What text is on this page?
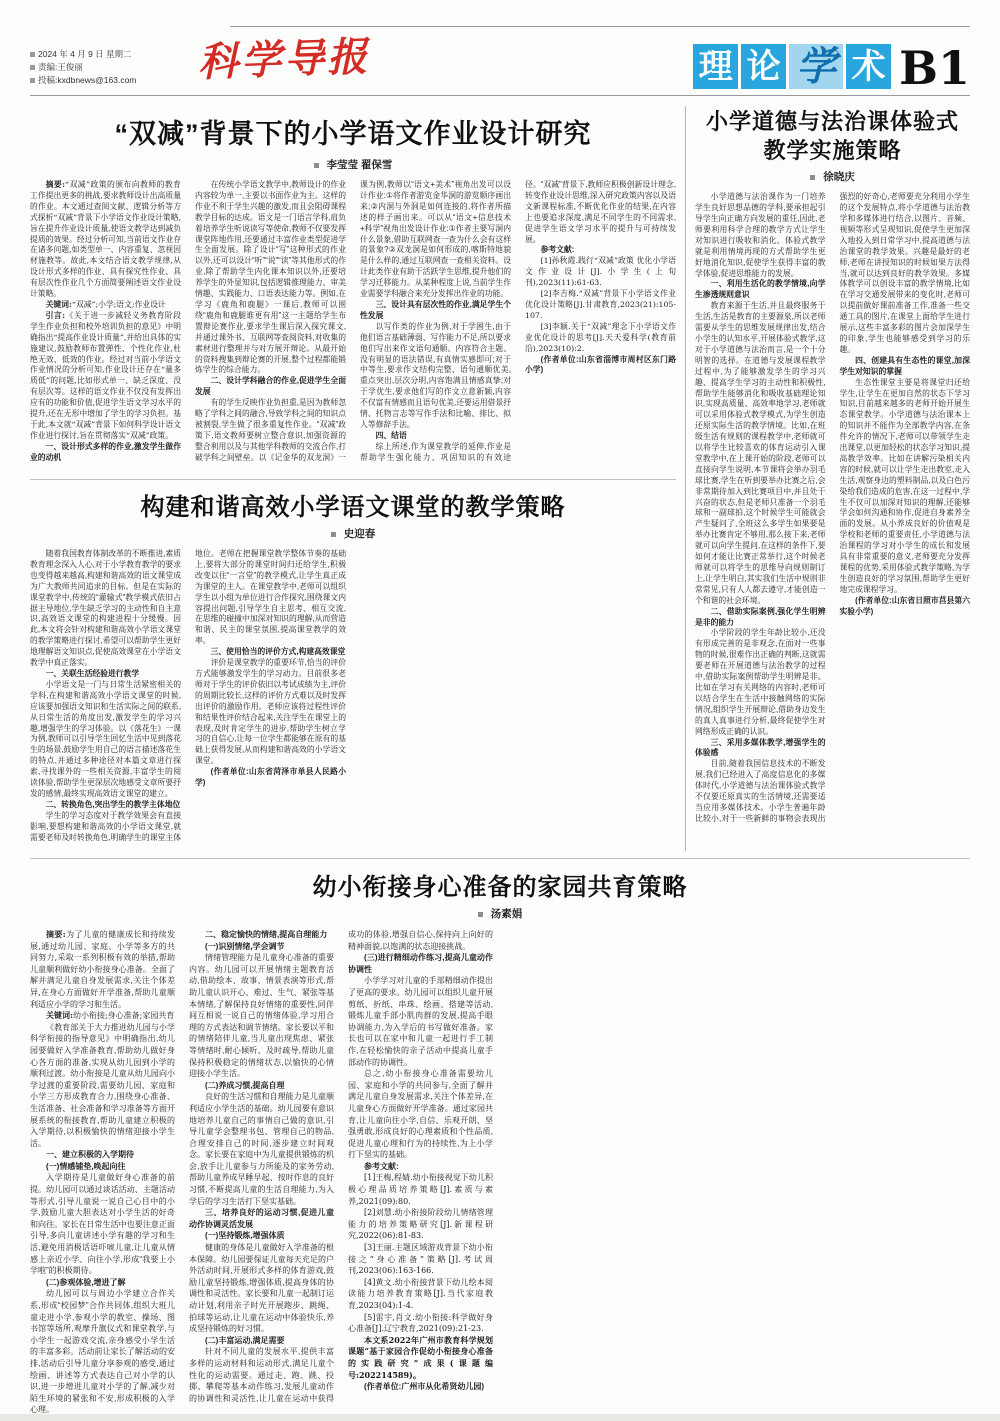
2024 年 4 月 9 日 星期二
责编:王俊丽
投稿:kxdbnews@163.com 科学导报	理 论 学 术 B1
“双减”背景下的小学语文作业设计研究
李莹莹 翟保雪

摘要:“双减”政策的颁布向教师的教育工作提出更多的挑战,要求教师设计出高质量的作业。本文通过查阅文献、逻辑分析等方式探析“双减”背景下小学语文作业设计策略,旨在提升作业设计质量,使语文教学达到减负提质的效果。经过分析可知,当前语文作业存在诸多问题,如类型单一、内容重复、忽视因材施教等。故此,本文结合语文教学规律,从设计形式多样的作业、具有探究性作业、具有层次性作业几个方面简要阐述语文作业设计策略。

关键词:“双减”;小学;语文;作业设计

引言:《关于进一步减轻义务教育阶段学生作业负担和校外培训负担的意见》中明确指出“提高作业设计质量”,并给出具体的实施建议,鼓励教师布置弹性、个性化作业,杜绝无效、低效的作业。经过对当前小学语文作业情况的分析可知,作业设计还存在“量多质低”的问题,比如形式单一、缺乏深度、没有层次等。这样的语文作业不仅没有发挥出应有的功能和价值,促进学生语文学习水平的提升,还在无形中增加了学生的学习负担。基于此,本文就“双减”背景下如何科学设计语文作业进行探讨,旨在贯彻落实“双减”政策。

一、设计形式多样的作业,激发学生做作业的动机

在传统小学语文教学中,教师设计的作业内容较为单一,主要以书面作业为主。这样的作业不利于学生兴趣的激发,而且会阻碍课程教学目标的达成。语文是一门语言学科,肩负着培养学生听说读写等使命,教师不仅要发挥课堂阵地作用,还要通过丰富作业类型促进学生全面发展。除了设计“写”这种形式的作业以外,还可以设计“听”“说”“读”等其他形式的作业,除了帮助学生内化课本知识以外,还要培养学生的外显知识,包括逻辑推理能力、审美情趣、实践能力、口语表达能力等。例如,在学习《鹿角和鹿腿》一课后,教师可以围绕“鹿角和鹿腿谁更有用”这一主题给学生布置辩论赛作业,要求学生课后深入探究课文,并通过课外书、互联网等查阅资料,对收集的素材进行整理并与对方展开辩论。从最开始的资料搜集到辩论赛的开展,整个过程都能锻炼学生的综合能力。

二、设计学科融合的作业,促进学生全面发展

有的学生反映作业负担重,是因为教师忽略了学科之间的融合,导致学科之间的知识点被割裂,学生做了很多重复性作业。“双减”政策下,语文教师要树立整合意识,加强资源的整合利用以及与其他学科教师的交流合作,打破学科之间壁垒。以《记金华的双龙洞》一课为例,教师以“语文+美术”视角出发可以设计作业:①将作者游览金华洞的游览顺序画出来;②内洞与外洞是如何连接的,将作者所描述的样子画出来。可以从“语文+信息技术+科学”视角出发设计作业:①作者主要写洞内什么景象,借助互联网查一查为什么会有这样的景象?②双龙洞是如何形成的,喀斯特地貌是什么样的,通过互联网查一查相关资料。设计此类作业有助于活跃学生思维,提升他们的学习迁移能力。从某种程度上说,当前学生作业需要学科融合来充分发挥出作业的功能。

三、设计具有层次性的作业,满足学生个性发展

以写作类的作业为例,对于学困生,由于他们语言基础薄弱、写作能力不足,所以要求他们写出来作文语句通顺、内容符合主题、没有明显的语法错误,有真情实感即可;对于中等生,要求作文结构完整、语句通顺优美,重点突出,层次分明,内容饱满且情感真挚;对于学优生,要求他们写的作文立意新颖,内容不仅富有情感而且语句优美,还要运用借景抒情、托物言志等写作手法和比喻、排比、拟人等修辞手法。

四、结语

综上所述,作为课堂教学的延伸,作业是帮助学生强化能力、巩固知识的有效途径。“双减”背景下,教师应积极创新设计理念,转变作业设计思维,深入研究政策内容以及语文新课程标准,不断优化作业的结果,在内容上也要追求深度,满足不同学生的不同需求,促进学生语文学习水平的提升与可持续发展。

参考文献:

[1]孙秋霞.践行“双减”政策 优化小学语文作业设计[J].小学生(上旬刊),2023(11):61-63.

[2]李吉梅.“双减”背景下小学语文作业优化设计策略[J].甘肃教育,2023(21):105-107.

[3]李颖.关于“双减”理念下小学语文作业优化设计的思考[J].天天爱科学(教育前沿),2023(10):2.

(作者单位:山东省淄博市周村区东门路小学)

构建和谐高效小学语文课堂的教学策略
史迎春

随着我国教育体制改革的不断推进,素质教育理念深入人心,对于小学教育教学的要求也变得越来越高,构建和谐高效的语文课堂成为广大教师共同追求的目标。但是在实际的课堂教学中,传统的“灌输式”教学模式依旧占据主导地位,学生缺乏学习的主动性和自主意识,高效语文课堂的构建进程十分缓慢。因此,本文将会针对构建和谐高效小学语文课堂的教学策略进行探讨,希望可以帮助学生更好地理解语文知识点,促使高效课堂在小学语文教学中真正落实。

一、关联生活经验进行教学

小学语文是一门与日常生活紧密相关的学科,在构建和谐高效小学语文课堂的时候,应该要加强语文知识和生活实际之间的联系,从日常生活的角度出发,激发学生的学习兴趣,增强学生的学习体验。以《落花生》一课为例,教师可以引导学生回忆生活中见到落花生的场景,鼓励学生用自己的语言描述落花生的特点,并通过多种途径对本篇文章进行探索,寻找课外的一些相关资源,丰富学生的阅读体验,帮助学生更深层次地感受文章所要抒发的感情,最终实现高效语文课堂的建立。

二、转换角色,突出学生的教学主体地位

学生的学习态度对于教学效果会有直接影响,要想构建和谐高效的小学语文课堂,就需要老师及时转换角色,明确学生的课堂主体地位。老师在把握课堂教学整体节奏的基础上,要将大部分的课堂时间归还给学生,积极改变以往“一言堂”的教学模式,让学生真正成为课堂的主人。在课堂教学中,老师可以组织学生以小组为单位进行合作探究,围绕课文内容提出问题,引导学生自主思考、相互交流,在思维的碰撞中加深对知识的理解,从而营造和谐、民主的课堂氛围,提高课堂教学的效率。

三、使用恰当的评价方式,构建高效课堂

评价是课堂教学的重要环节,恰当的评价方式能够激发学生的学习动力。目前很多老师对于学生的评价依旧以考试成绩为主,评价的周期比较长,这样的评价方式难以及时发挥出评价的激励作用。老师应该将过程性评价和结果性评价结合起来,关注学生在课堂上的表现,及时肯定学生的进步,帮助学生树立学习的自信心,让每一位学生都能够在原有的基础上获得发展,从而构建和谐高效的小学语文课堂。

(作者单位:山东省菏泽市单县人民路小学)

小学道德与法治课体验式
教学实施策略
徐晓庆

小学道德与法治课作为一门培养学生良好思想品德的学科,要承担起引导学生向正确方向发展的重任,因此,老师要利用科学合理的教学方式让学生对知识进行吸收和消化。体验式教学就是利用情境再现的方式帮助学生更好地消化知识,促使学生获得丰富的教学体验,促进思维能力的发展。

一、利用生活化的教学情境,向学生渗透规则意识

教育来源于生活,并且最终服务于生活,生活是教育的主要源泉,所以老师需要从学生的思维发展规律出发,结合小学生的认知水平,开展体验式教学,这对于小学道德与法治而言,是一个十分明智的选择。在道德与发展课程教学过程中,为了能够激发学生的学习兴趣、提高学生学习的主动性和积极性,帮助学生能够消化和吸收基础理论知识,实现高质量、高效率地学习,老师就可以采用体验式教学模式,为学生创造还原实际生活的教学情境。比如,在班级生活有规则的课程教学中,老师就可以将学生比较喜欢的体育运动引入课堂教学中,在上课开始的阶段,老师可以直接向学生说明,本节课将会举办羽毛球比赛,学生在听到要举办比赛之后,会非常期待加入到比赛项目中,并且处于兴奋的状态,但是老师只准备一个羽毛球和一副球拍,这个时候学生可能就会产生疑问了,全班这么多学生如果要是举办比赛肯定不够用,那么接下来,老师就可以向学生提问,在这样的条件下,要如何才能让比赛正常举行,这个时候老师就可以将学生的思维导向规则制订上,让学生明白,其实我们生活中规则非常常见,只有人人都去遵守,才能创造一个和谐的社会环境。

二、借助实际案例,强化学生明辨是非的能力

小学阶段的学生年龄比较小,还没有形成完善的是非观念,在面对一些事物的时候,很难作出正确的判断,这就需要老师在开展道德与法治教学的过程中,借助实际案例帮助学生明辨是非。比如在学习有关网络的内容时,老师可以结合学生在生活中接触网络的实际情况,组织学生开展辩论,借助身边发生的真人真事进行分析,最终促使学生对网络形成正确的认识。

三、采用多媒体教学,增强学生的体验感

目前,随着我国信息技术的不断发展,我们已经进入了高度信息化的多媒体时代,小学道德与法治课体验式教学不仅要还原真实的生活情境,还需要适当应用多媒体技术。小学生普遍年龄比较小,对于一些新鲜的事物会表现出强烈的好奇心,老师要充分利用小学生的这个发展特点,将小学道德与法治教学和多媒体进行结合,以图片、音频、视频等形式呈现知识,促使学生更加深入地投入到日常学习中,提高道德与法治课堂的教学效果。兴趣是最好的老师,老师在讲授知识的时候如果方法得当,就可以达到良好的教学效果。多媒体教学可以创设丰富的教学情境,比如在学习交通发展带来的变化时,老师可以提前做好课前准备工作,准备一些交通工具的图片,在课堂上面给学生进行展示,这些丰富多彩的图片会加深学生的印象,学生也能够感受到学习的乐趣。

四、创建具有生态性的课堂,加深学生对知识的掌握

生态性课堂主要是将课堂归还给学生,让学生在更加自然的状态下学习知识,目前越来越多的老师开始开展生态课堂教学。小学道德与法治课本上的知识并不能作为全部教学内容,在条件允许的情况下,老师可以带领学生走出课堂,以更加轻松的状态学习知识,提高教学效率。比如在讲解污染相关内容的时候,就可以让学生走出教室,走入生活,观察身边的塑料制品,以及白色污染给我们造成的危害,在这一过程中,学生不仅可以加深对知识的理解,还能够学会如何沟通和协作,促进自身素养全面的发展。从小养成良好的价值观是学校和老师的重要责任,小学道德与法治课程的学习对小学生的成长和发展具有非常重要的意义,老师要充分发挥课程的优势,采用体验式教学策略,为学生创造良好的学习氛围,帮助学生更好地完成课程学习。

(作者单位:山东省日照市莒县第六实验小学)

幼小衔接身心准备的家园共育策略
汤素娟

摘要:为了儿童的健康成长和持续发展,通过幼儿园、家庭、小学等多方的共同努力,采取一系列积极有效的举措,帮助儿童顺利做好幼小衔接身心准备。全面了解并满足儿童自身发展需求,关注个体差异,在身心方面做好开学准备,帮助儿童顺利适应小学的学习和生活。

关键词:幼小衔接;身心准备;家园共育

《教育部关于大力推进幼儿园与小学科学衔接的指导意见》中明确指出,幼儿园要做好入学准备教育,帮助幼儿做好身心各方面的准备,实现从幼儿园到小学的顺利过渡。幼小衔接是儿童从幼儿园向小学过渡的重要阶段,需要幼儿园、家庭和小学三方形成教育合力,围绕身心准备、生活准备、社会准备和学习准备等方面开展系统的衔接教育,帮助儿童建立积极的入学期待,以积极愉快的情绪迎接小学生活。

一、建立积极的入学期待

(一)情感铺垫,唤起向往

入学期待是儿童做好身心准备的前提。幼儿园可以通过谈话活动、主题活动等形式,引导儿童说一说自己心目中的小学,鼓励儿童大胆表达对小学生活的好奇和向往。家长在日常生活中也要注意正面引导,多向儿童讲述小学有趣的学习和生活,避免用消极话语吓唬儿童,让儿童从情感上亲近小学、向往小学,形成“我要上小学啦”的积极期待。

(二)参观体验,增进了解

幼儿园可以与周边小学建立合作关系,形成“校园梦”合作共同体,组织大班儿童走进小学,参观小学的教室、操场、图书馆等场所,观摩升旗仪式和课堂教学,与小学生一起游戏交流,亲身感受小学生活的丰富多彩。活动前让家长了解活动的安排,活动后引导儿童分享参观的感受,通过绘画、讲述等方式表达自己对小学的认识,进一步增进儿童对小学的了解,减少对陌生环境的紧张和不安,形成积极的入学心理。

二、稳定愉快的情绪,提高自理能力

(一)识别情绪,学会调节

情绪管理能力是儿童身心准备的重要内容。幼儿园可以开展情绪主题教育活动,借助绘本、故事、情景表演等形式,帮助儿童认识开心、难过、生气、紧张等基本情绪,了解保持良好情绪的重要性,同伴间互相说一说自己的情绪体验,学习用合理的方式表达和调节情绪。家长要以平和的情绪陪伴儿童,当儿童出现焦虑、紧张等情绪时,耐心倾听、及时疏导,帮助儿童保持积极稳定的情绪状态,以愉快的心情迎接小学生活。

(二)养成习惯,提高自理

良好的生活习惯和自理能力是儿童顺利适应小学生活的基础。幼儿园要有意识地培养儿童自己的事情自己做的意识,引导儿童学会整理书包、管理自己的物品,合理安排自己的时间,逐步建立时间观念。家长要在家庭中为儿童提供锻炼的机会,放手让儿童参与力所能及的家务劳动,帮助儿童养成早睡早起、按时作息的良好习惯,不断提高儿童的生活自理能力,为入学后的学习生活打下坚实基础。

三、培养良好的运动习惯,促进儿童动作协调灵活发展

(一)坚持锻炼,增强体质

健康的身体是儿童做好入学准备的根本保障。幼儿园要保证儿童每天充足的户外活动时间,开展形式多样的体育游戏,鼓励儿童坚持锻炼,增强体质,提高身体的协调性和灵活性。家长要和儿童一起制订运动计划,利用亲子时光开展跑步、跳绳、拍球等运动,让儿童在运动中体验快乐,养成坚持锻炼的好习惯。

(二)丰富运动,满足需要

针对不同儿童的发展水平,提供丰富多样的运动材料和运动形式,满足儿童个性化的运动需要。通过走、跑、跳、投掷、攀爬等基本动作练习,发展儿童动作的协调性和灵活性,让儿童在运动中获得成功的体验,增强自信心,保持向上向好的精神面貌,以饱满的状态迎接挑战。

(三)进行精细动作练习,提高儿童动作协调性

小学学习对儿童的手部精细动作提出了更高的要求。幼儿园可以组织儿童开展剪纸、折纸、串珠、绘画、搭建等活动,锻炼儿童手部小肌肉群的发展,提高手眼协调能力,为入学后的书写做好准备。家长也可以在家中和儿童一起进行手工制作,在轻松愉快的亲子活动中提高儿童手部动作的协调性。

总之,幼小衔接身心准备需要幼儿园、家庭和小学的共同参与,全面了解并满足儿童自身发展需求,关注个体差异,在儿童身心方面做好开学准备。通过家园共育,让儿童向往小学,自信、乐观开朗、坚强勇敢,形成良好的心理素质和个性品质,促进儿童心理和行为的持续性,为上小学打下坚实的基础。

参考文献:

[1]王梅,程婧.幼小衔接视觉下幼儿积极心理品质培养策略[J].素质与素养,2021(09):80.

[2]刘慧.幼小衔接阶段幼儿情绪管理能力的培养策略研究[J].新课程研究,2022(06):81-83.

[3]王丽.主题区域游戏背景下幼小衔接之“身心准备”策略[J].考试周刊,2023(06):163-166.

[4]黄文.幼小衔接背景下幼儿绘本阅读能力培养教育策略[J].当代家庭教育,2023(04):1-4.

[5]雷宇,肖文.幼小衔接:科学做好身心准备[J].辽宁教育,2021(09):21-23.

本文系2022年广州市教育科学规划课题“基于家园合作促幼小衔接身心准备的实践研究”成果(课题编号:202214589)。

(作者单位:广州市从化希贤幼儿园)
